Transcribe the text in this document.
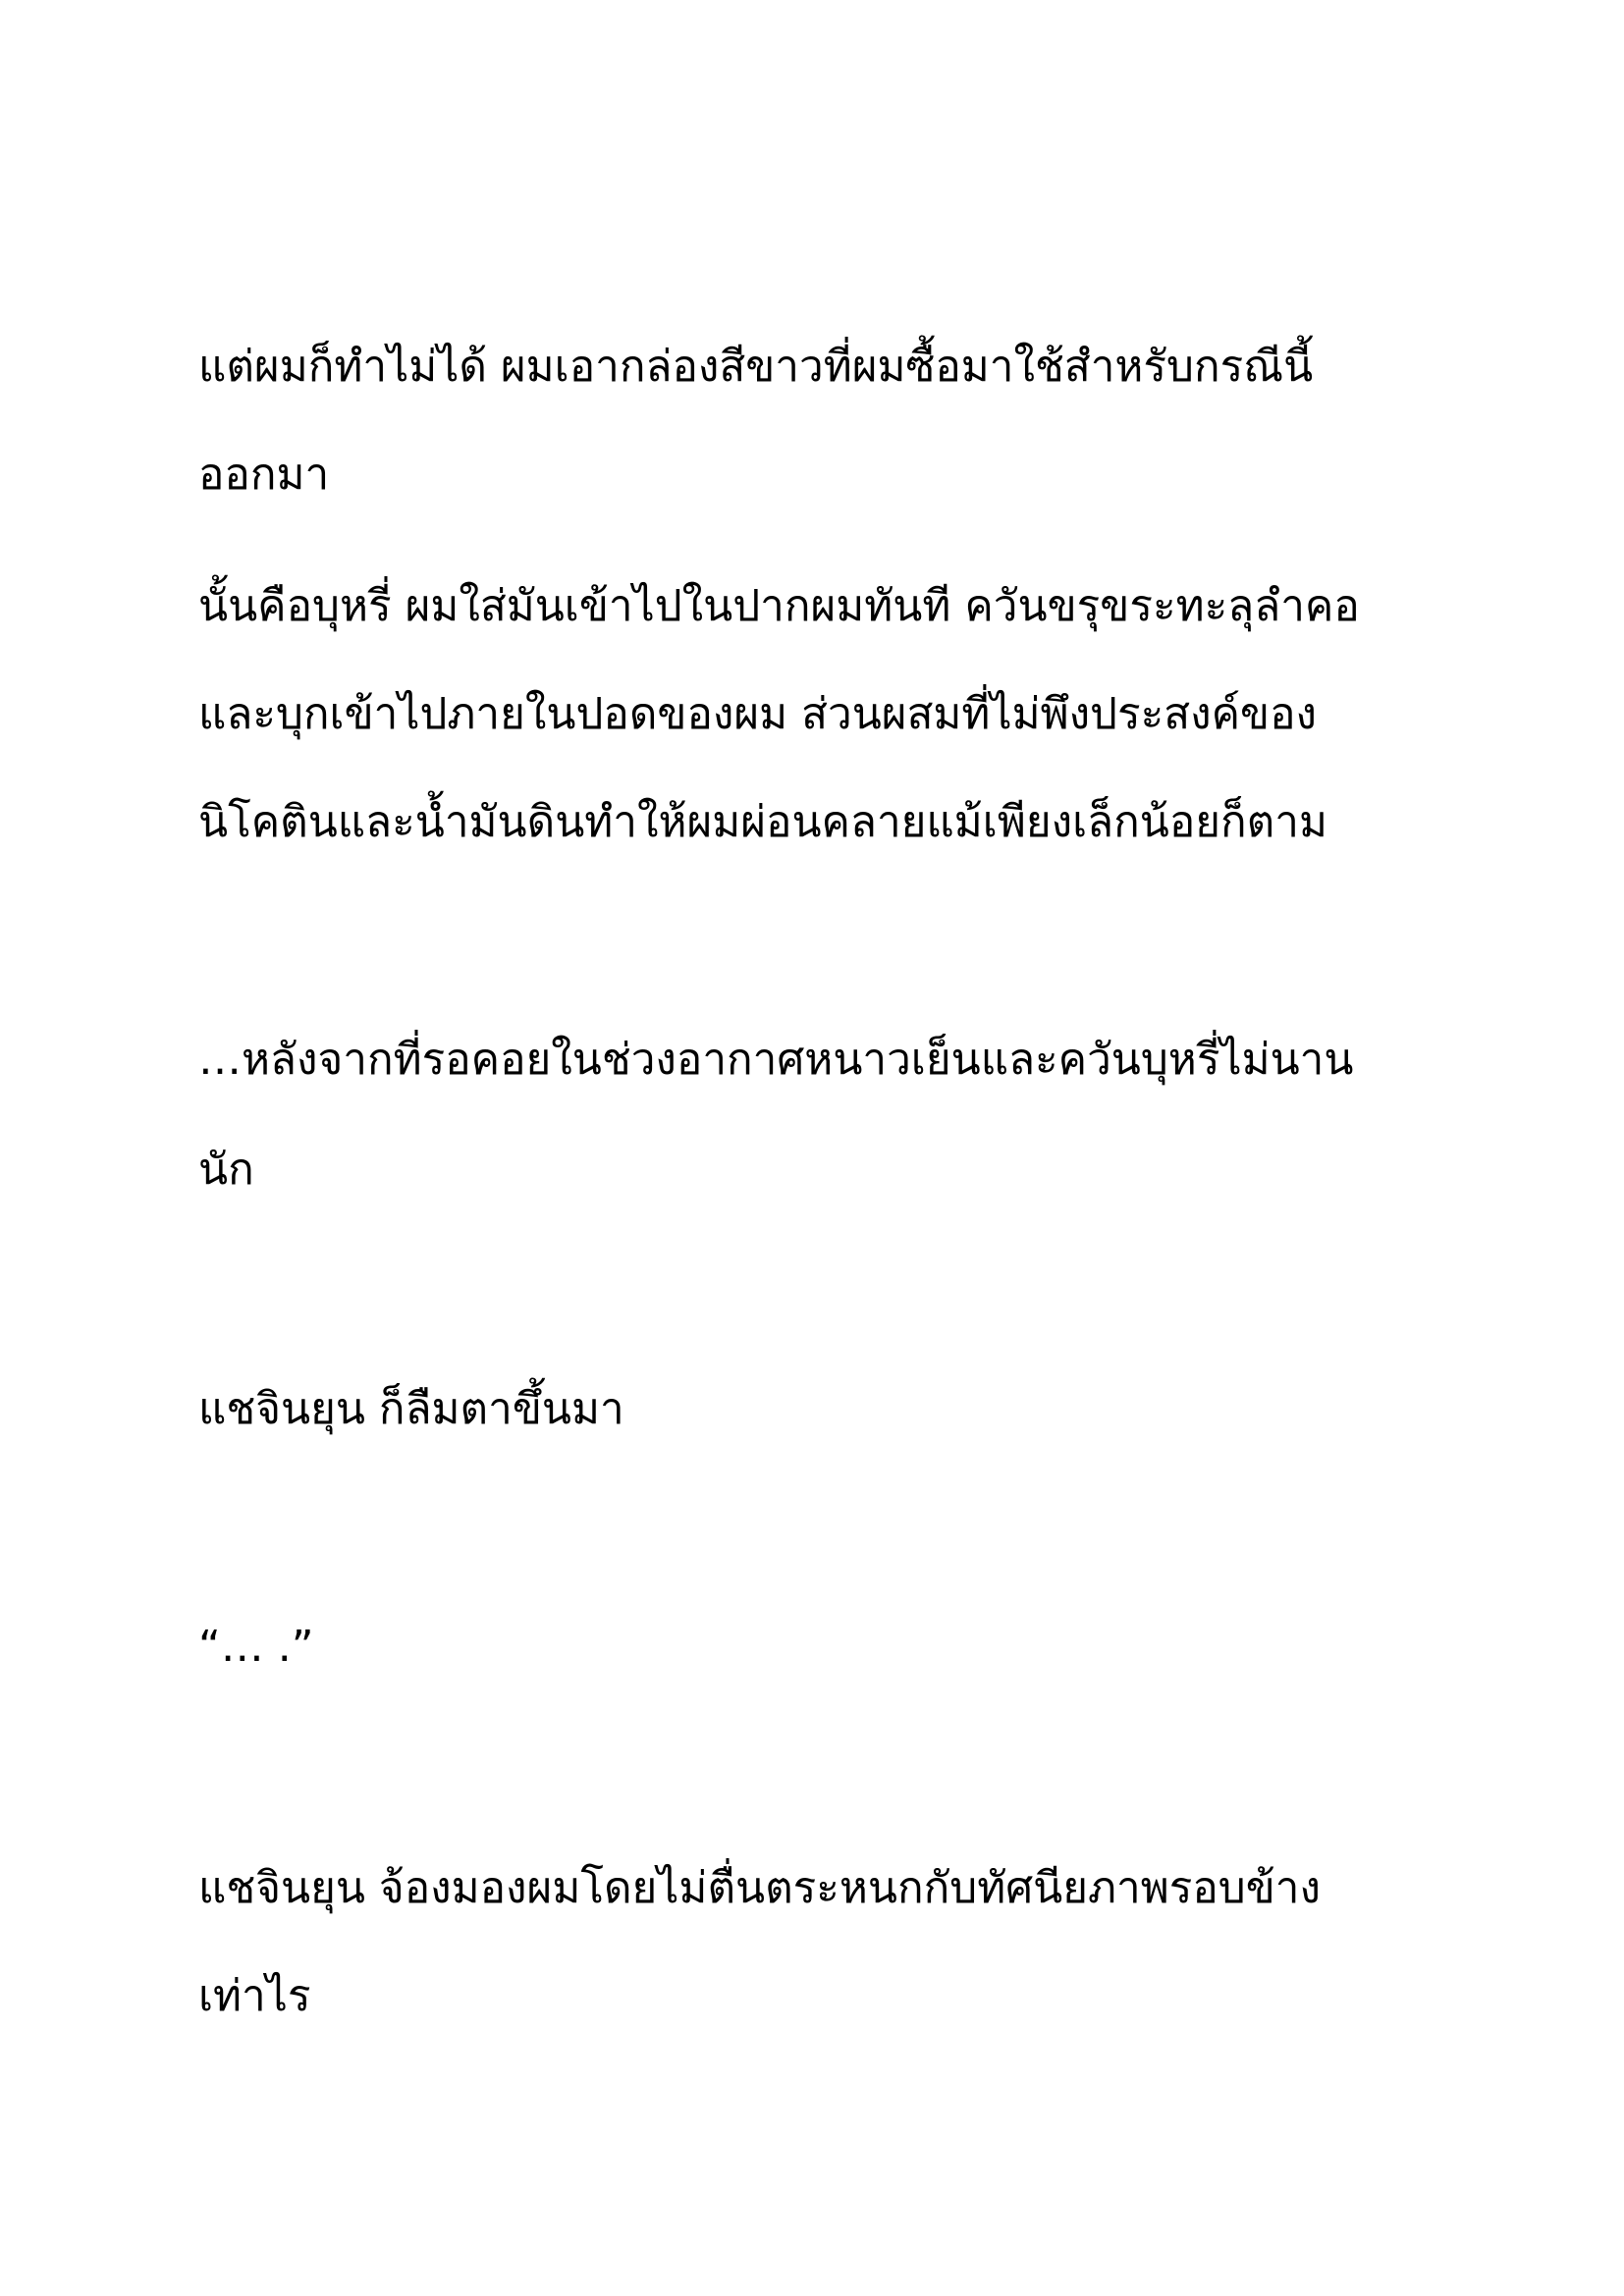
แต่ผมก็ทำไม่ได้ ผมเอากล่องสีขาวที่ผมซื้อมาใช้สำหรับกรณีนี้

ออกมา

นั้นคือบุหรี่ ผมใส่มันเข้าไปในปากผมทันที ควันขรุขระทะลุลำคอ

และบุกเข้าไปภายในปอดของผม ส่วนผสมที่ไม่พึงประสงค์ของ

นิโคตินและน้ำมันดินทำให้ผมผ่อนคลายแม้เพียงเล็กน้อยก็ตาม

…หลังจากที่รอคอยในช่วงอากาศหนาวเย็นและควันบุหรี่ไม่นาน

นัก

แชจินยุน ก็ลืมตาขึ้นมา

“… .”

แชจินยุน จ้องมองผมโดยไม่ตื่นตระหนกกับทัศนียภาพรอบข้าง

เท่าไร
